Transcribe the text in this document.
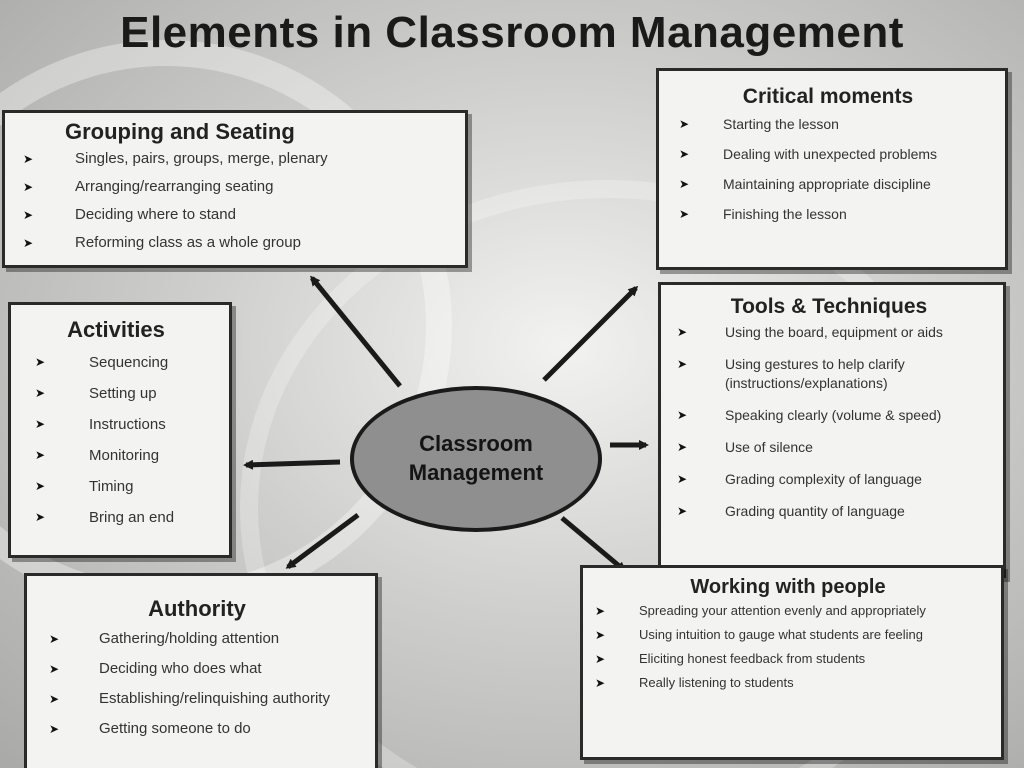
Elements in Classroom Management
Classroom
Management
Grouping and Seating
➤	Singles, pairs, groups, merge, plenary
➤	Arranging/rearranging seating
➤	Deciding where to stand
➤	Reforming class as a whole group
Critical moments
➤ Starting the lesson
➤ Dealing with unexpected problems
➤ Maintaining appropriate discipline
➤ Finishing the lesson
Activities
➤	Sequencing
➤	Setting up
➤	Instructions
➤	Monitoring
➤	Timing
➤	Bring an end
Tools & Techniques
➤	Using the board, equipment or aids
➤	Using gestures to help clarify (instructions/explanations)
➤	Speaking clearly (volume & speed)
➤	Use of silence
➤	Grading complexity of language
➤	Grading quantity of language
Authority
➤	Gathering/holding attention
➤	Deciding who does what
➤	Establishing/relinquishing authority
➤	Getting someone to do
Working with people
➤	Spreading your attention evenly and appropriately
➤	Using intuition to gauge what students are feeling
➤	Eliciting honest feedback from students
➤	Really listening to students
